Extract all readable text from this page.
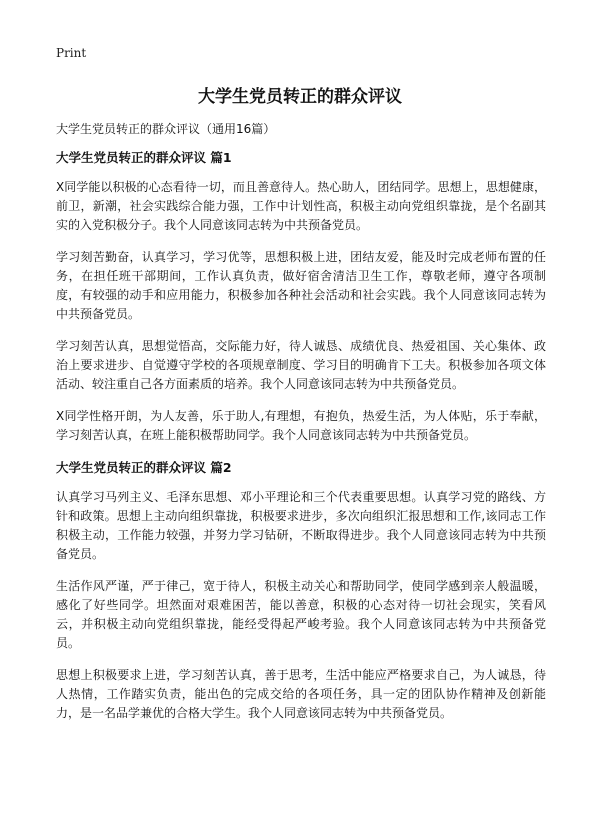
Print
大学生党员转正的群众评议

大学生党员转正的群众评议（通用16篇）

大学生党员转正的群众评议 篇1

X同学能以积极的心态看待一切，而且善意待人。热心助人，团结同学。思想上，思想健康，前卫，新潮，社会实践综合能力强，工作中计划性高，积极主动向党组织靠拢，是个名副其实的入党积极分子。我个人同意该同志转为中共预备党员。

学习刻苦勤奋，认真学习，学习优等，思想积极上进，团结友爱，能及时完成老师布置的任务，在担任班干部期间，工作认真负责，做好宿舍清洁卫生工作，尊敬老师，遵守各项制度，有较强的动手和应用能力，积极参加各种社会活动和社会实践。我个人同意该同志转为中共预备党员。

学习刻苦认真，思想觉悟高，交际能力好，待人诚恳、成绩优良、热爱祖国、关心集体、政治上要求进步、自觉遵守学校的各项规章制度、学习目的明确肯下工夫。积极参加各项文体活动、较注重自己各方面素质的培养。我个人同意该同志转为中共预备党员。

X同学性格开朗，为人友善，乐于助人,有理想，有抱负，热爱生活，为人体贴，乐于奉献，学习刻苦认真，在班上能积极帮助同学。我个人同意该同志转为中共预备党员。

大学生党员转正的群众评议 篇2

认真学习马列主义、毛泽东思想、邓小平理论和三个代表重要思想。认真学习党的路线、方针和政策。思想上主动向组织靠拢，积极要求进步，多次向组织汇报思想和工作,该同志工作积极主动，工作能力较强，并努力学习钻研，不断取得进步。我个人同意该同志转为中共预备党员。

生活作风严谨，严于律己，宽于待人，积极主动关心和帮助同学，使同学感到亲人般温暖，感化了好些同学。坦然面对艰难困苦，能以善意，积极的心态对待一切社会现实，笑看风云，并积极主动向党组织靠拢，能经受得起严峻考验。我个人同意该同志转为中共预备党员。

思想上积极要求上进，学习刻苦认真，善于思考，生活中能应严格要求自己，为人诚恳，待人热情，工作踏实负责，能出色的完成交给的各项任务，具一定的团队协作精神及创新能力，是一名品学兼优的合格大学生。我个人同意该同志转为中共预备党员。
